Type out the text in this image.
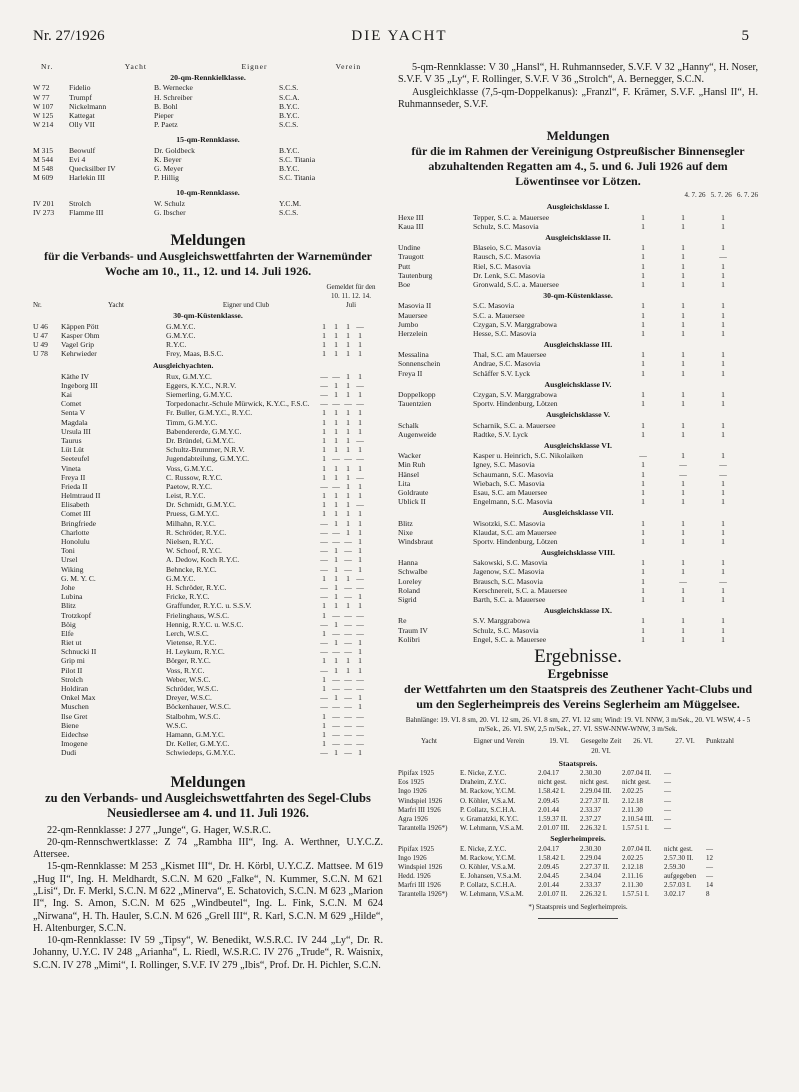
Nr. 27/1926	DIE YACHT	5
Nr.	Yacht	Eigner	Verein
20-qm-Rennkielklasse.
W 72	Fidelio	B. Wernecke	S.C.S.
W 77	Trumpf	H. Schreiber	S.C.A.
W 107	Nickelmann	B. Bohl	B.Y.C.
W 125	Kattegat	Pieper	B.Y.C.
W 214	Olly VII	P. Paetz	S.C.S.
15-qm-Rennklasse.
M 315	Beowulf	Dr. Goldbeck	B.Y.C.
M 544	Evi 4	K. Beyer	S.C. Titania
M 548	Quecksilber IV	G. Meyer	B.Y.C.
M 609	Harlekin III	P. Hillig	S.C. Titania
10-qm-Rennklasse.
IV 201	Strolch	W. Schulz	Y.C.M.
IV 273	Flamme III	G. Ibscher	S.C.S.
Meldungen
für die Verbands- und Ausgleichswettfahrten der Warnemünder Woche am 10., 11., 12. und 14. Juli 1926.
Nr.	Yacht	Eigner und Club
Gemeldet für den
10. 11. 12. 14.
Juli
30-qm-Küstenklasse.
U 46	Käppen Pött	G.M.Y.C.	1	1	1 —
U 47	Kasper Ohm	G.M.Y.C.	1	1	1	1
U 49	Vagel Grip	R.Y.C.	1	1	1	1
U 78	Kehrwieder	Frey, Maas, B.S.C.	1	1	1	1
Ausgleichyachten.
Käthe IV	Rux, G.M.Y.C.	— — 1	1
Ingeborg III	Eggers, K.Y.C., N.R.V.	— 1	1 —
Kai	Siemerling, G.M.Y.C.	— 1	1	1
Comet	Torpedonachr.-Schule Mürwick, K.Y.C., F.S.C.	— — — —
Senta V	Fr. Buller, G.M.Y.C., R.Y.C.	1	1	1	1
Magdala	Timm, G.M.Y.C.	1	1	1	1
Ursula III	Babendererde, G.M.Y.C.	1	1	1	1
Taurus	Dr. Bründel, G.M.Y.C.	1	1	1 —
Lüt Lüt	Schultz-Brummer, N.R.V.	1	1	1	1
Seeteufel	Jugendabteilung, G.M.Y.C.	1 — — —
Vineta	Voss, G.M.Y.C.	1	1	1	1
Freya II	C. Russow, R.Y.C.	1	1	1 —
Frieda II	Paetow, R.Y.C.	— — 1	1
Helmtraud II	Leist, R.Y.C.	1	1	1	1
Elisabeth	Dr. Schmidt, G.M.Y.C.	1	1	1 —
Comet III	Pruess, G.M.Y.C.	1	1	1	1
Bringfriede	Milhahn, R.Y.C.	— 1	1	1
Charlotte	R. Schröder, R.Y.C.	— — 1	1
Honolulu	Nielsen, R.Y.C.	— — — 1
Toni	W. Schoof, R.Y.C.	— 1 — 1
Ursel	A. Dedow, Koch R.Y.C.	— 1 — 1
Wiking	Behncke, R.Y.C.	— 1 — 1
G. M. Y. C.	G.M.Y.C.	1	1	1 —
Johe	H. Schröder, R.Y.C.	— 1 — —
Lubina	Fricke, R.Y.C.	— 1 — 1
Blitz	Graffunder, R.Y.C. u. S.S.V.	1	1	1	1
Trotzkopf	Frielinghaus, W.S.C.	1 — — —
Böig	Hennig, R.Y.C. u. W.S.C.	— 1 — —
Elfe	Lerch, W.S.C.	1 — — —
Riet ut	Vietense, R.Y.C.	— 1 — 1
Schnucki II	H. Leykum, R.Y.C.	— — — 1
Grip mi	Börger, R.Y.C.	1	1	1	1
Pilot II	Voss, R.Y.C.	— 1	1	1
Strolch	Weber, W.S.C.	1 — — —
Holdiran	Schröder, W.S.C.	1 — — —
Onkel Max	Dreyer, W.S.C.	— 1 — 1
Muschen	Böckenhauer, W.S.C.	— — — 1
Ilse Gret	Stalbohm, W.S.C.	1 — — —
Biene	W.S.C.	1 — — —
Eidechse	Hamann, G.M.Y.C.	1 — — —
Imogene	Dr. Keller, G.M.Y.C.	1 — — —
Dudi	Schwiedeps, G.M.Y.C.	— 1 — 1
Meldungen
zu den Verbands- und Ausgleichswettfahrten des Segel-Clubs Neusiedlersee am 4. und 11. Juli 1926.
22-qm-Rennklasse: J 277 „Junge“, G. Hager, W.S.R.C.
20-qm-Rennschwertklasse: Z 74 „Rambha III“, Ing. A. Werthner, U.Y.C.Z. Attersee.
15-qm-Rennklasse: M 253 „Kismet III“, Dr. H. Körbl, U.Y.C.Z. Mattsee. M 619 „Hug II“, Ing. H. Meldhardt, S.C.N. M 620 „Falke“, N. Kummer, S.C.N. M 621 „Lisi“, Dr. F. Merkl, S.C.N. M 622 „Minerva“, E. Schatovich, S.C.N. M 623 „Marion II“, Ing. S. Amon, S.C.N. M 625 „Windbeutel“, Ing. L. Fink, S.C.N. M 624 „Nirwana“, H. Th. Hauler, S.C.N. M 626 „Grell III“, R. Karl, S.C.N. M 629 „Hilde“, H. Altenburger, S.C.N.
10-qm-Rennklasse: IV 59 „Tipsy“, W. Benedikt, W.S.R.C. IV 244 „Ly“, Dr. R. Johanny, U.Y.C. IV 248 „Arianha“, L. Riedl, W.S.R.C. IV 276 „Trude“, R. Waisnix, S.C.N. IV 278 „Mimi“, I. Rollinger, S.V.F. IV 279 „Ibis“, Prof. Dr. H. Pichler, S.C.N.
5-qm-Rennklasse: V 30 „Hansl“, H. Ruhmannseder, S.V.F. V 32 „Hanny“, H. Noser, S.V.F. V 35 „Ly“, F. Rollinger, S.V.F. V 36 „Strolch“, A. Bernegger, S.C.N.
Ausgleichklasse (7,5-qm-Doppelkanus): „Franzl“, F. Krämer, S.V.F. „Hansl II“, H. Ruhmannseder, S.V.F.
Meldungen
für die im Rahmen der Vereinigung Ostpreußischer Binnensegler abzuhaltenden Regatten am 4., 5. und 6. Juli 1926 auf dem Löwentinsee vor Lötzen.
4. 7. 26   5. 7. 26   6. 7. 26
Ausgleichsklasse I.
Hexe III	Tepper, S.C. a. Mauersee	1	1	1
Kaua III	Schulz, S.C. Masovia	1	1	1
Ausgleichsklasse II.
Undine	Blaseio, S.C. Masovia	1	1	1
Traugott	Rausch, S.C. Masovia	1	1	—
Putt	Riel, S.C. Masovia	1	1	1
Tautenburg	Dr. Lenk, S.C. Masovia	1	1	1
Boe	Gronwald, S.C. a. Mauersee	1	1	1
30-qm-Küstenklasse.
Masovia II	S.C. Masovia	1	1	1
Mauersee	S.C. a. Mauersee	1	1	1
Jumbo	Czygan, S.V. Marggrabowa	1	1	1
Herzelein	Hesse, S.C. Masovia	1	1	1
Ausgleichsklasse III.
Messalina	Thal, S.C. am Mauersee	1	1	1
Sonnenschein	Andrae, S.C. Masovia	1	1	1
Freya II	Schäffer S.V. Lyck	1	1	1
Ausgleichsklasse IV.
Doppelkopp	Czygan, S.V. Marggrabowa	1	1	1
Tauentzien	Sportv. Hindenburg, Lötzen	1	1	1
Ausgleichsklasse V.
Schalk	Scharnik, S.C. a. Mauersee	1	1	1
Augenweide	Radtke, S.V. Lyck	1	1	1
Ausgleichsklasse VI.
Wacker	Kasper u. Heinrich, S.C. Nikolaiken	—	1	1
Min Ruh	Igney, S.C. Masovia	1	—	—
Hänsel	Schaumann, S.C. Masovia	1	—	—
Lita	Wiebach, S.C. Masovia	1	1	1
Goldraute	Esau, S.C. am Mauersee	1	1	1
Ublick II	Engelmann, S.C. Masovia	1	1	1
Ausgleichsklasse VII.
Blitz	Wisotzki, S.C. Masovia	1	1	1
Nixe	Klaudat, S.C. am Mauersee	1	1	1
Windsbraut	Sportv. Hindenburg, Lötzen	1	1	1
Ausgleichsklasse VIII.
Hanna	Sakowski, S.C. Masovia	1	1	1
Schwalbe	Jagenow, S.C. Masovia	1	1	1
Loreley	Brausch, S.C. Masovia	1	—	—
Roland	Kerschnereit, S.C. a. Mauersee	1	1	1
Sigrid	Barth, S.C. a. Mauersee	1	1	1
Ausgleichsklasse IX.
Re	S.V. Marggrabowa	1	1	1
Traum IV	Schulz, S.C. Masovia	1	1	1
Kolibri	Engel, S.C. a. Mauersee	1	1	1
Ergebnisse.
Ergebnisse
der Wettfahrten um den Staatspreis des Zeuthener Yacht-Clubs und um den Seglerheimpreis des Vereins Seglerheim am Müggelsee.
Bahnlänge: 19. VI. 8 sm, 20. VI. 12 sm, 26. VI. 8 sm, 27. VI. 12 sm; Wind: 19. VI. NNW, 3 m/Sek., 20. VI. WSW, 4 - 5 m/Sek., 26. VI. SW, 2,5 m/Sek., 27. VI. SSW-NNW-WNW, 3 m/Sek.
Yacht	Eigner und Verein	19. VI.	Gesegelte Zeit 20. VI.
26. VI.	27. VI.	Punktzahl
Staatspreis.
Pipifax 1925	E. Nicke, Z.Y.C.	2.04.17	2.30.30	2.07.04 II.	—
Eos 1925	Draheim, Z.Y.C.	nicht gest.	nicht gest.	nicht gest.	—
Ingo 1926	M. Rackow, Y.C.M.	1.58.42 I.	2.29.04 III.	2.02.25	—
Windspiel 1926	O. Köhler, V.S.a.M.	2.09.45	2.27.37 II.	2.12.18	—
Marfri III 1926	P. Collatz, S.C.H.A.	2.01.44	2.33.37	2.11.30	—
Agra 1926	v. Gramatzki, K.Y.C.	1.59.37 II.	2.37.27	2.10.54 III.	—
Tarantella 1926*)	W. Lehmann, V.S.a.M.	2.01.07 III.	2.26.32 I.	1.57.51 I.	—
Seglerheimpreis.
Pipifax 1925	E. Nicke, Z.Y.C.	2.04.17	2.30.30	2.07.04 II.	nicht gest.	—
Ingo 1926	M. Rackow, Y.C.M.	1.58.42 I.	2.29.04	2.02.25	2.57.30 II.	12
Windspiel 1926	O. Köhler, V.S.a.M.	2.09.45	2.27.37 II.	2.12.18	2.59.30	—
Hedd. 1926	E. Johansen, V.S.a.M.	2.04.45	2.34.04	2.11.16	aufgegeben	—
Marfri III 1926	P. Collatz, S.C.H.A.	2.01.44	2.33.37	2.11.30	2.57.03 I.	14
Tarantella 1926*)	W. Lehmann, V.S.a.M.	2.01.07 II.	2.26.32 I.	1.57.51 I.	3.02.17	8
*) Staatspreis und Seglerheimpreis.
